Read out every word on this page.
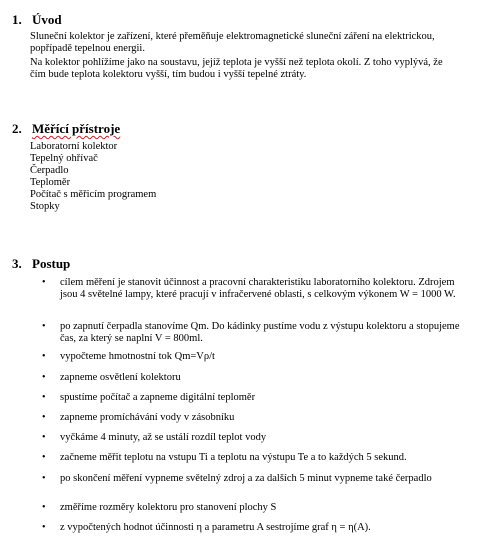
1. Úvod
Sluneční kolektor je zařízení, které přeměňuje elektromagnetické sluneční záření na elektrickou, popřípadě tepelnou energii.
Na kolektor pohlížíme jako na soustavu, jejíž teplota je vyšší než teplota okolí. Z toho vyplývá, že čím bude teplota kolektoru vyšší, tím budou i vyšší tepelné ztráty.
2. Měřící přístroje
Laboratorní kolektor
Tepelný ohřívač
Čerpadlo
Teploměr
Počítač s měřicím programem
Stopky
3. Postup
•	cílem měření je stanovit účinnost a pracovní charakteristiku laboratorního kolektoru. Zdrojem jsou 4 světelné lampy, které pracují v infračervené oblasti, s celkovým výkonem W = 1000 W.
•	po zapnutí čerpadla stanovíme Qm. Do kádinky pustíme vodu z výstupu kolektoru a stopujeme čas, za který se naplní V = 800ml.
•	vypočteme hmotnostní tok Qm=Vρ/t
•	zapneme osvětlení kolektoru
•	spustíme počítač a zapneme digitální teploměr
•	zapneme promíchávání vody v zásobníku
•	vyčkáme 4 minuty, až se ustálí rozdíl teplot vody
•	začneme měřit teplotu na vstupu Ti a teplotu na výstupu Te a to každých 5 sekund.
•	po skončení měření vypneme světelný zdroj a za dalších 5 minut vypneme také čerpadlo
•	změříme rozměry kolektoru pro stanovení plochy S
•	z vypočtených hodnot účinnosti η a parametru A sestrojíme graf η = η(A).
